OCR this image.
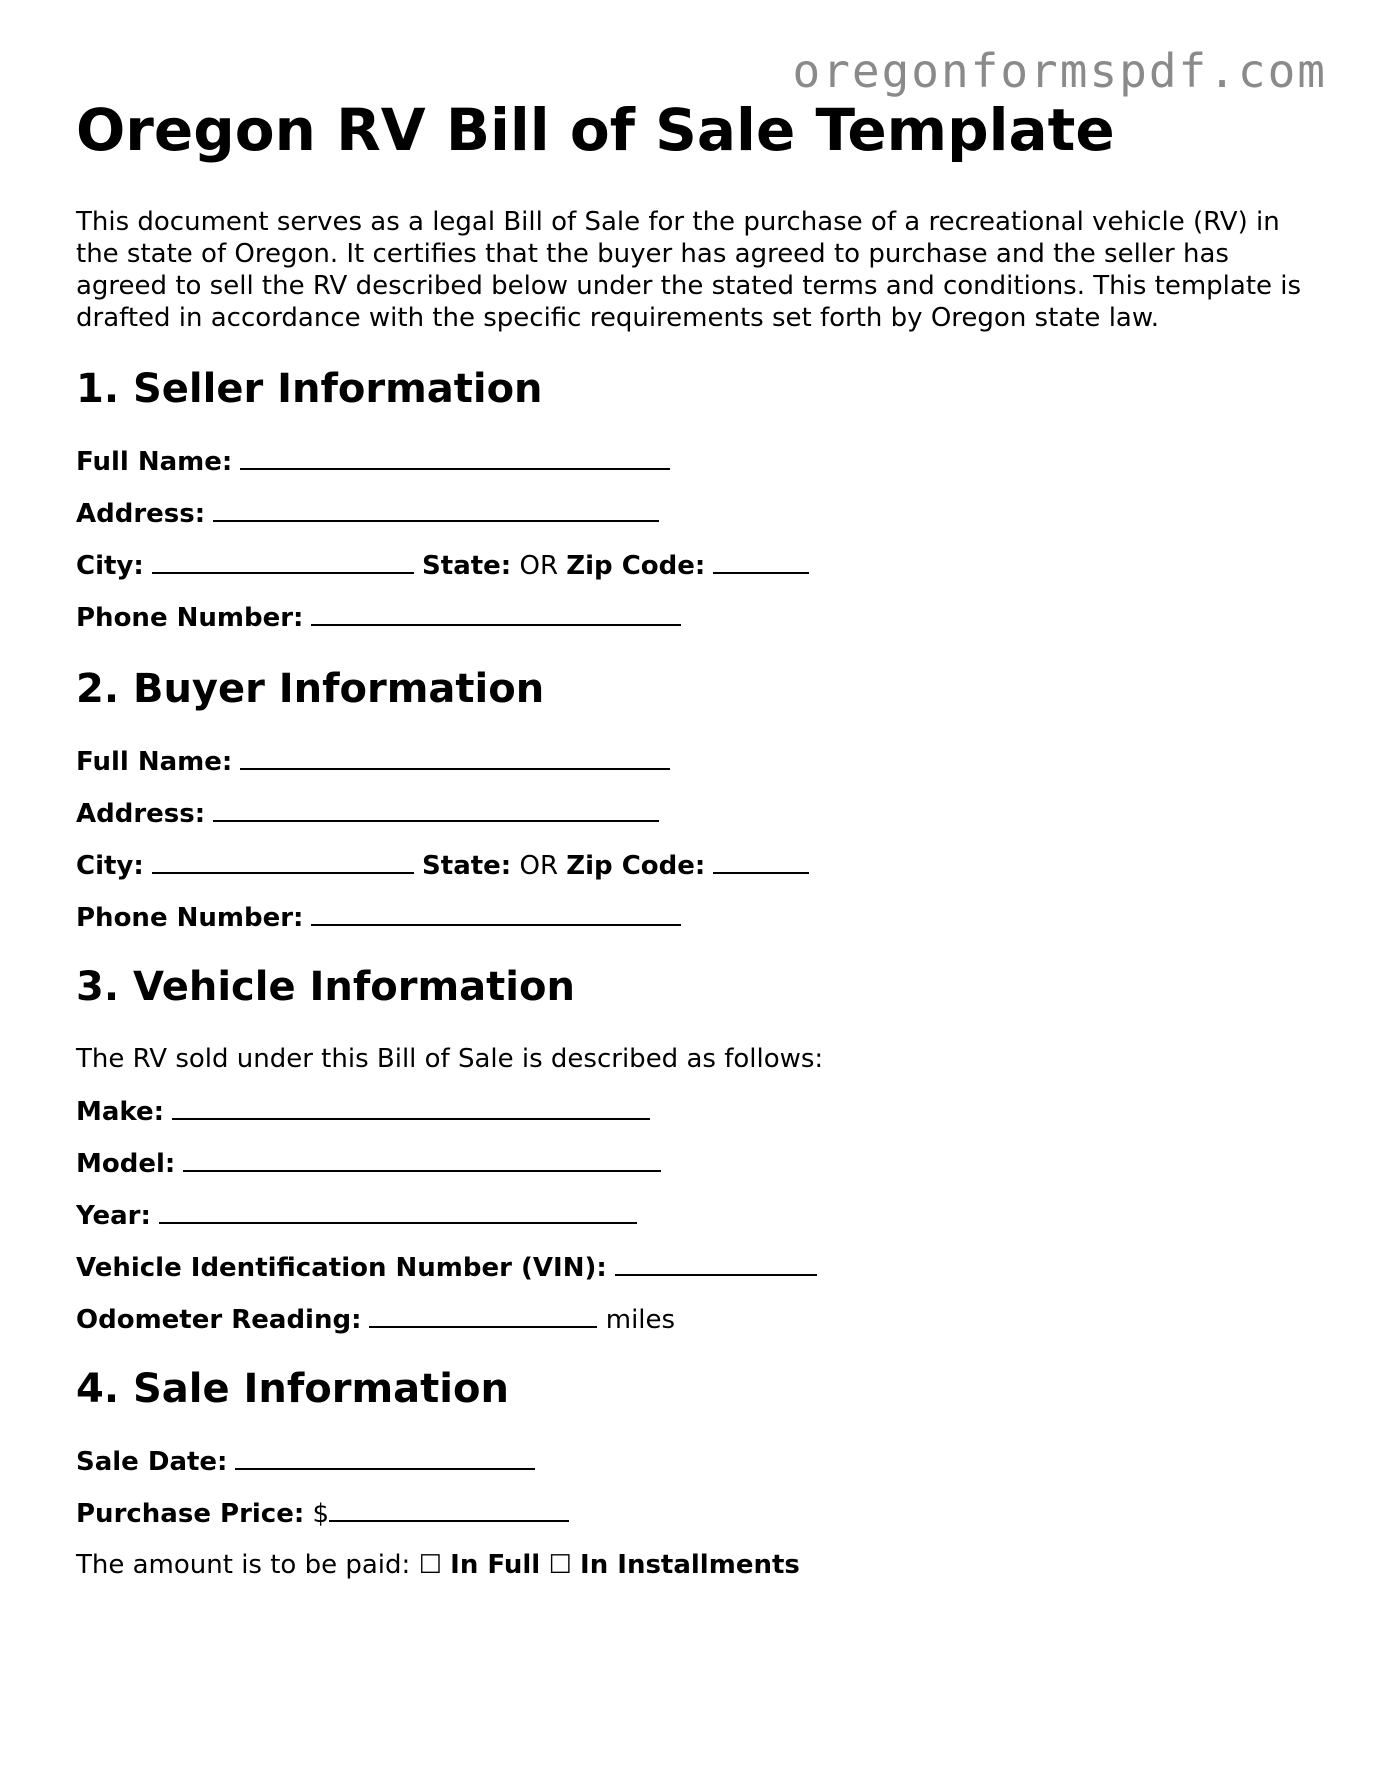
oregonformspdf.com
Oregon RV Bill of Sale Template

This document serves as a legal Bill of Sale for the purchase of a recreational vehicle (RV) in the state of Oregon. It certifies that the buyer has agreed to purchase and the seller has agreed to sell the RV described below under the stated terms and conditions. This template is drafted in accordance with the specific requirements set forth by Oregon state law.

1. Seller Information
Full Name:
Address:
City:	State: OR Zip Code:
Phone Number:
2. Buyer Information
Full Name:
Address:
City:	State: OR Zip Code:
Phone Number:
3. Vehicle Information
The RV sold under this Bill of Sale is described as follows:
Make:
Model:
Year:
Vehicle Identification Number (VIN):
Odometer Reading:	miles
4. Sale Information
Sale Date:
Purchase Price: $
The amount is to be paid: ☐ In Full ☐ In Installments
